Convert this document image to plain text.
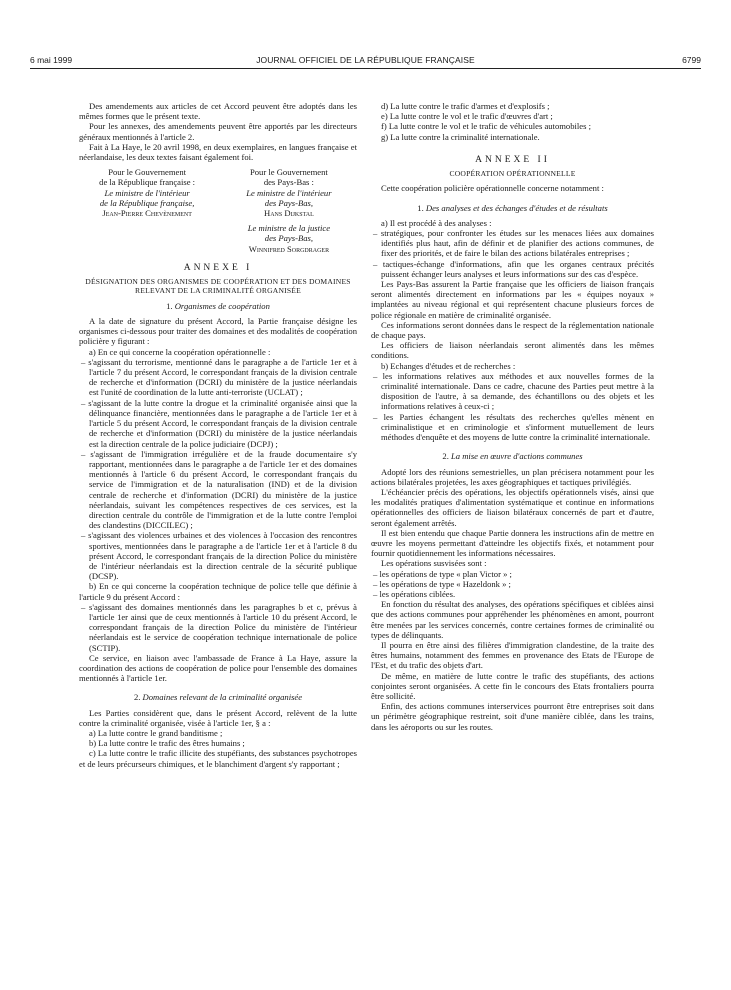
6 mai 1999	JOURNAL OFFICIEL DE LA RÉPUBLIQUE FRANÇAISE	6799

Des amendements aux articles de cet Accord peuvent être adoptés dans les mêmes formes que le présent texte.

Pour les annexes, des amendements peuvent être apportés par les directeurs généraux mentionnés à l'article 2.

Fait à La Haye, le 20 avril 1998, en deux exemplaires, en langues française et néerlandaise, les deux textes faisant également foi.

Pour le Gouvernement

de la République française :

Le ministre de l'intérieur

de la République française,

Jean-Pierre Chevènement

Pour le Gouvernement

des Pays-Bas :

Le ministre de l'intérieur

des Pays-Bas,

Hans Dijkstal

Le ministre de la justice

des Pays-Bas,

Winnifred Sorgdrager

ANNEXE I

DÉSIGNATION DES ORGANISMES DE COOPÉRATION ET DES DOMAINES RELEVANT DE LA CRIMINALITÉ ORGANISÉE

1. Organismes de coopération

A la date de signature du présent Accord, la Partie française désigne les organismes ci-dessous pour traiter des domaines et des modalités de coopération policière y figurant :

a) En ce qui concerne la coopération opérationnelle :

– s'agissant du terrorisme, mentionné dans le paragraphe a de l'article 1er et à l'article 7 du présent Accord, le correspondant français de la division centrale de recherche et d'information (DCRI) du ministère de la justice néerlandais est l'unité de coordination de la lutte anti-terroriste (UCLAT) ;

– s'agissant de la lutte contre la drogue et la criminalité organisée ainsi que la délinquance financière, mentionnées dans le paragraphe a de l'article 1er et à l'article 5 du présent Accord, le correspondant français de la division centrale de recherche et d'information (DCRI) du ministère de la justice néerlandais est la direction centrale de la police judiciaire (DCPJ) ;

– s'agissant de l'immigration irrégulière et de la fraude documentaire s'y rapportant, mentionnées dans le paragraphe a de l'article 1er et des domaines mentionnés à l'article 6 du présent Accord, le correspondant français du service de l'immigration et de la naturalisation (IND) et de la division centrale de recherche et d'information (DCRI) du ministère de la justice néerlandais, suivant les compétences respectives de ces services, est la direction centrale du contrôle de l'immigration et de la lutte contre l'emploi des clandestins (DICCILEC) ;

– s'agissant des violences urbaines et des violences à l'occasion des rencontres sportives, mentionnées dans le paragraphe a de l'article 1er et à l'article 8 du présent Accord, le correspondant français de la direction Police du ministère de l'intérieur néerlandais est la direction centrale de la sécurité publique (DCSP).

b) En ce qui concerne la coopération technique de police telle que définie à l'article 9 du présent Accord :

– s'agissant des domaines mentionnés dans les paragraphes b et c, prévus à l'article 1er ainsi que de ceux mentionnés à l'article 10 du présent Accord, le correspondant français de la direction Police du ministère de l'intérieur néerlandais est le service de coopération technique internationale de police (SCTIP).

Ce service, en liaison avec l'ambassade de France à La Haye, assure la coordination des actions de coopération de police pour l'ensemble des domaines mentionnés à l'article 1er.

2. Domaines relevant de la criminalité organisée

Les Parties considèrent que, dans le présent Accord, relèvent de la lutte contre la criminalité organisée, visée à l'article 1er, § a :

a) La lutte contre le grand banditisme ;

b) La lutte contre le trafic des êtres humains ;

c) La lutte contre le trafic illicite des stupéfiants, des substances psychotropes et de leurs précurseurs chimiques, et le blanchiment d'argent s'y rapportant ;

d) La lutte contre le trafic d'armes et d'explosifs ;

e) La lutte contre le vol et le trafic d'œuvres d'art ;

f) La lutte contre le vol et le trafic de véhicules automobiles ;

g) La lutte contre la criminalité internationale.

ANNEXE II

COOPÉRATION OPÉRATIONNELLE

Cette coopération policière opérationnelle concerne notamment :

1. Des analyses et des échanges d'études et de résultats

a) Il est procédé à des analyses :

– stratégiques, pour confronter les études sur les menaces liées aux domaines identifiés plus haut, afin de définir et de planifier des actions communes, de fixer des priorités, et de faire le bilan des actions bilatérales entreprises ;

– tactiques-échange d'informations, afin que les organes centraux précités puissent échanger leurs analyses et leurs informations sur des cas d'espèce.

Les Pays-Bas assurent la Partie française que les officiers de liaison français seront alimentés directement en informations par les « équipes noyaux » implantées au niveau régional et qui représentent chacune plusieurs forces de police régionale en matière de criminalité organisée.

Ces informations seront données dans le respect de la réglementation nationale de chaque pays.

Les officiers de liaison néerlandais seront alimentés dans les mêmes conditions.

b) Echanges d'études et de recherches :

– les informations relatives aux méthodes et aux nouvelles formes de la criminalité internationale. Dans ce cadre, chacune des Parties peut mettre à la disposition de l'autre, à sa demande, des échantillons ou des objets et les informations relatives à ceux-ci ;

– les Parties échangent les résultats des recherches qu'elles mènent en criminalistique et en criminologie et s'informent mutuellement de leurs méthodes d'enquête et des moyens de lutte contre la criminalité internationale.

2. La mise en œuvre d'actions communes

Adopté lors des réunions semestrielles, un plan précisera notamment pour les actions bilatérales projetées, les axes géographiques et tactiques privilégiés.

L'échéancier précis des opérations, les objectifs opérationnels visés, ainsi que les modalités pratiques d'alimentation systématique et continue en informations opérationnelles des officiers de liaison bilatéraux concernés de part et d'autre, seront également arrêtés.

Il est bien entendu que chaque Partie donnera les instructions afin de mettre en œuvre les moyens permettant d'atteindre les objectifs fixés, et notamment pour fournir quotidiennement les informations nécessaires.

Les opérations susvisées sont :

– les opérations de type « plan Victor » ;

– les opérations de type « Hazeldonk » ;

– les opérations ciblées.

En fonction du résultat des analyses, des opérations spécifiques et ciblées ainsi que des actions communes pour appréhender les phénomènes en amont, pourront être menées par les services concernés, contre certaines formes de criminalité ou types de délinquants.

Il pourra en être ainsi des filières d'immigration clandestine, de la traite des êtres humains, notamment des femmes en provenance des Etats de l'Europe de l'Est, et du trafic des objets d'art.

De même, en matière de lutte contre le trafic des stupéfiants, des actions conjointes seront organisées. A cette fin le concours des Etats frontaliers pourra être sollicité.

Enfin, des actions communes interservices pourront être entreprises soit dans un périmètre géographique restreint, soit d'une manière ciblée, dans les trains, dans les aéroports ou sur les routes.
